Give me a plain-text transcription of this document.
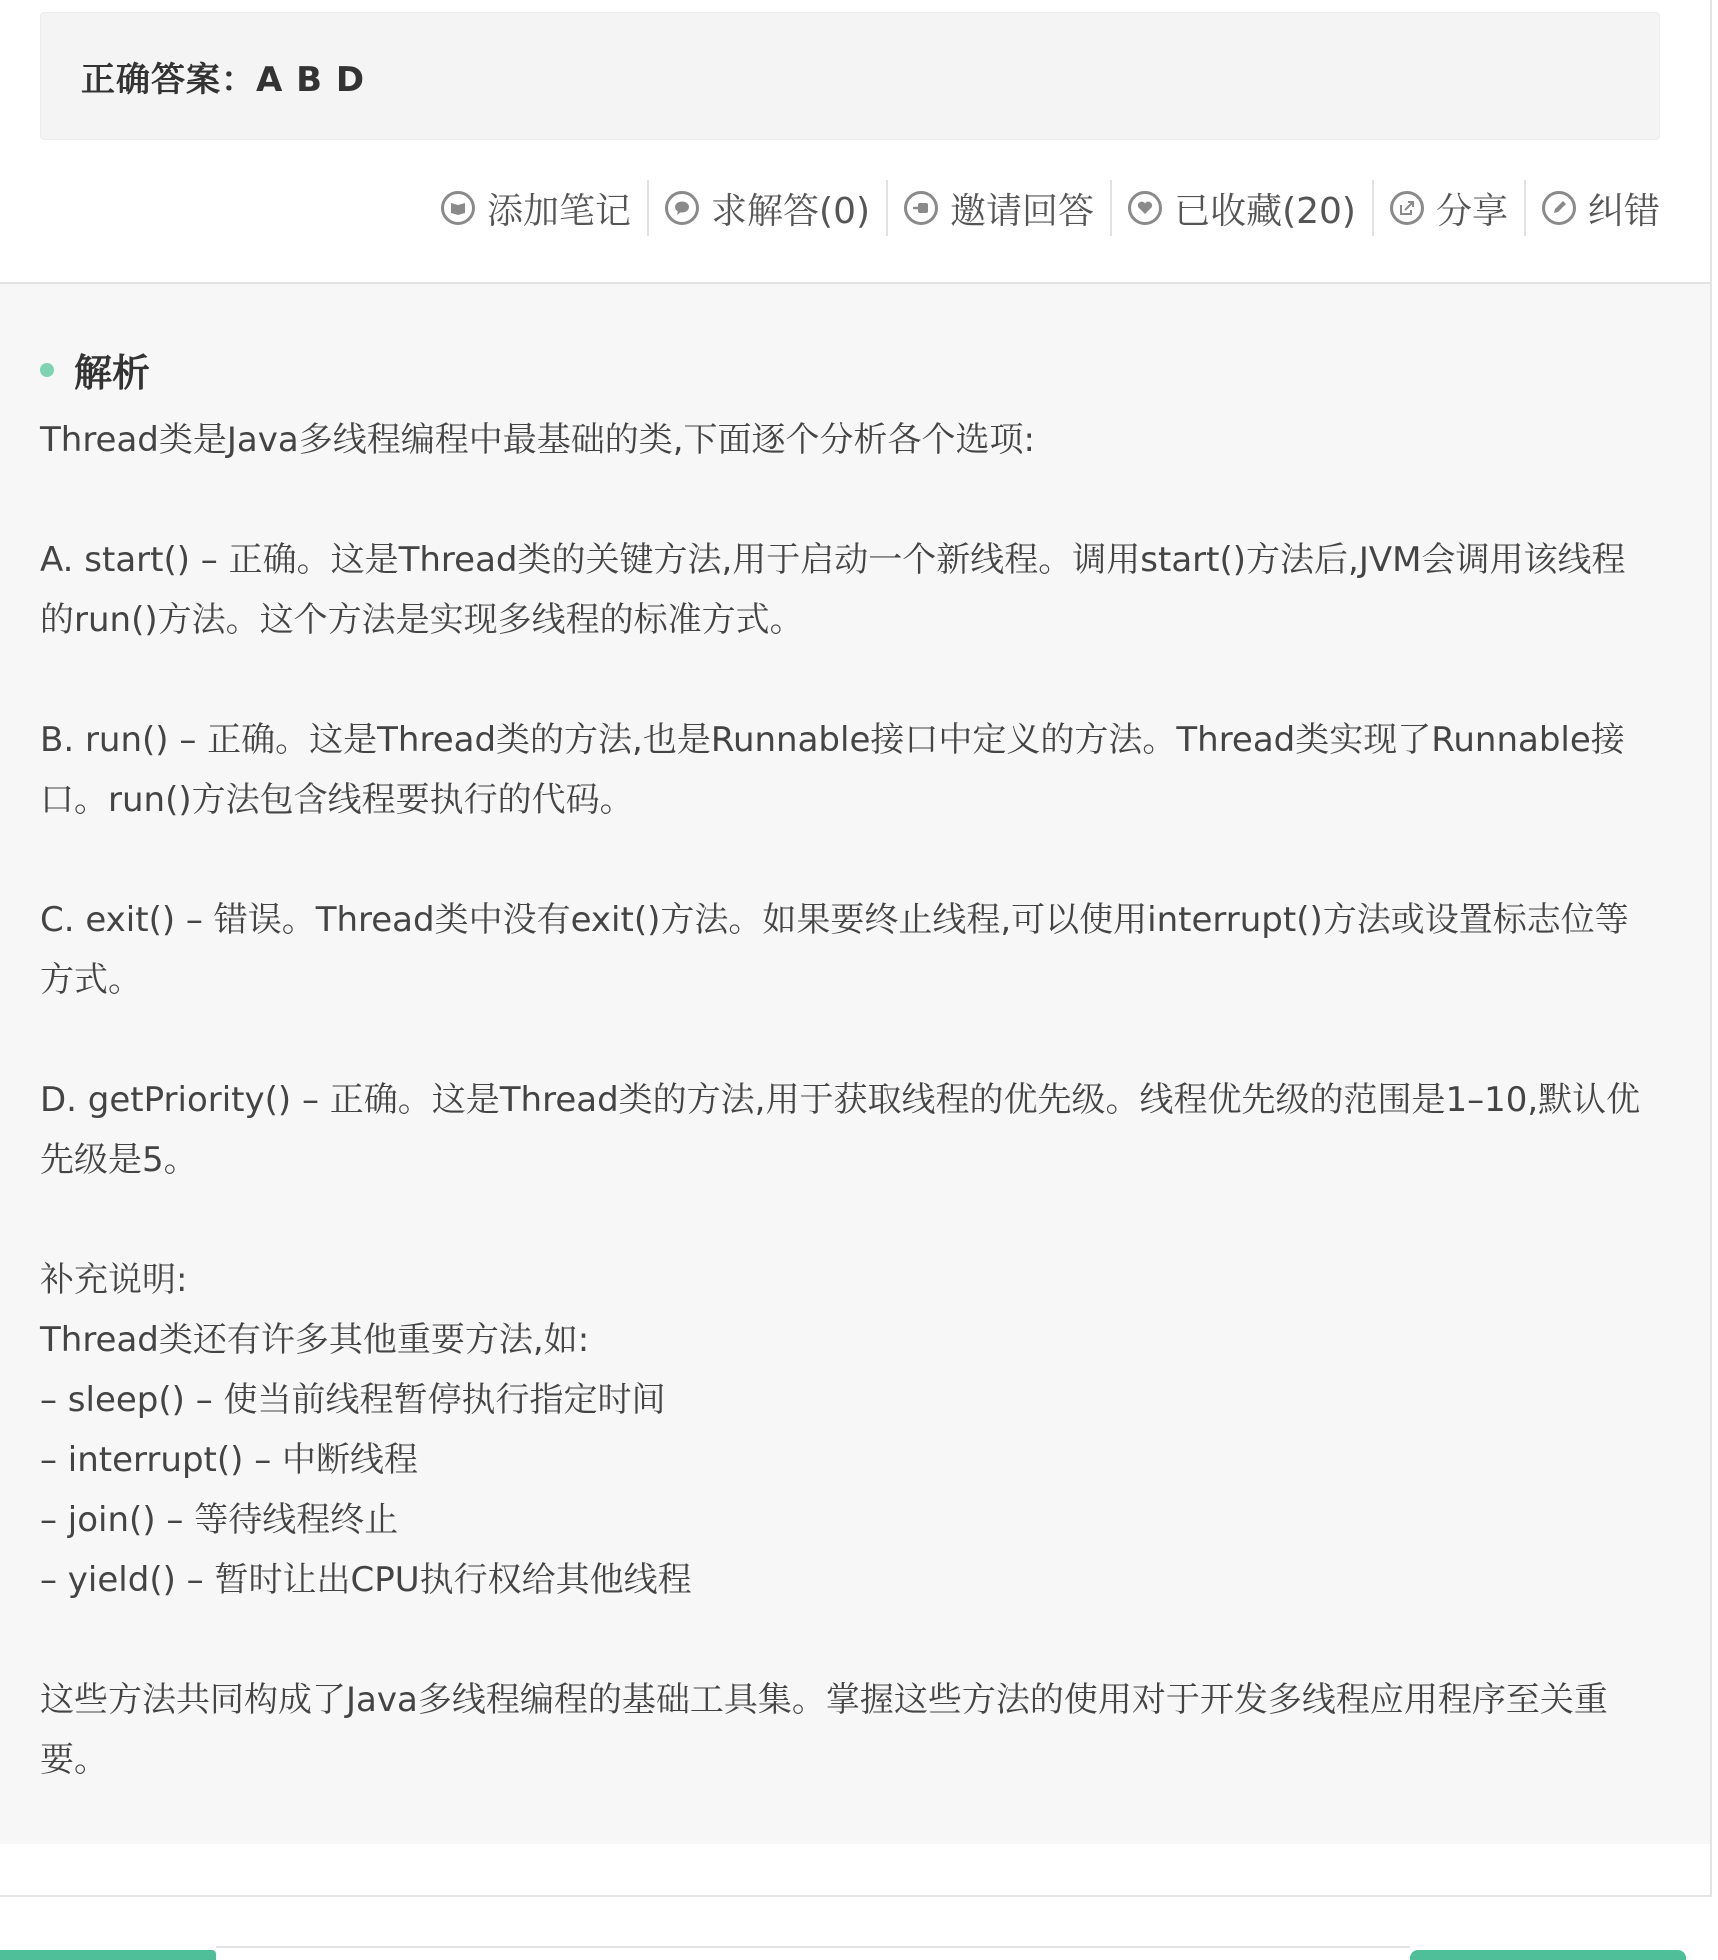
正确答案：A B D
添加笔记 求解答(0) 邀请回答 已收藏(20) 分享 纠错
解析

Thread类是Java多线程编程中最基础的类,下面逐个分析各个选项:

A. start() – 正确。这是Thread类的关键方法,用于启动一个新线程。调用start()方法后,JVM会调用该线程

的run()方法。这个方法是实现多线程的标准方式。

B. run() – 正确。这是Thread类的方法,也是Runnable接口中定义的方法。Thread类实现了Runnable接

口。run()方法包含线程要执行的代码。

C. exit() – 错误。Thread类中没有exit()方法。如果要终止线程,可以使用interrupt()方法或设置标志位等

方式。

D. getPriority() – 正确。这是Thread类的方法,用于获取线程的优先级。线程优先级的范围是1–10,默认优

先级是5。

补充说明:

Thread类还有许多其他重要方法,如:

– sleep() – 使当前线程暂停执行指定时间

– interrupt() – 中断线程

– join() – 等待线程终止

– yield() – 暂时让出CPU执行权给其他线程

这些方法共同构成了Java多线程编程的基础工具集。掌握这些方法的使用对于开发多线程应用程序至关重

要。
